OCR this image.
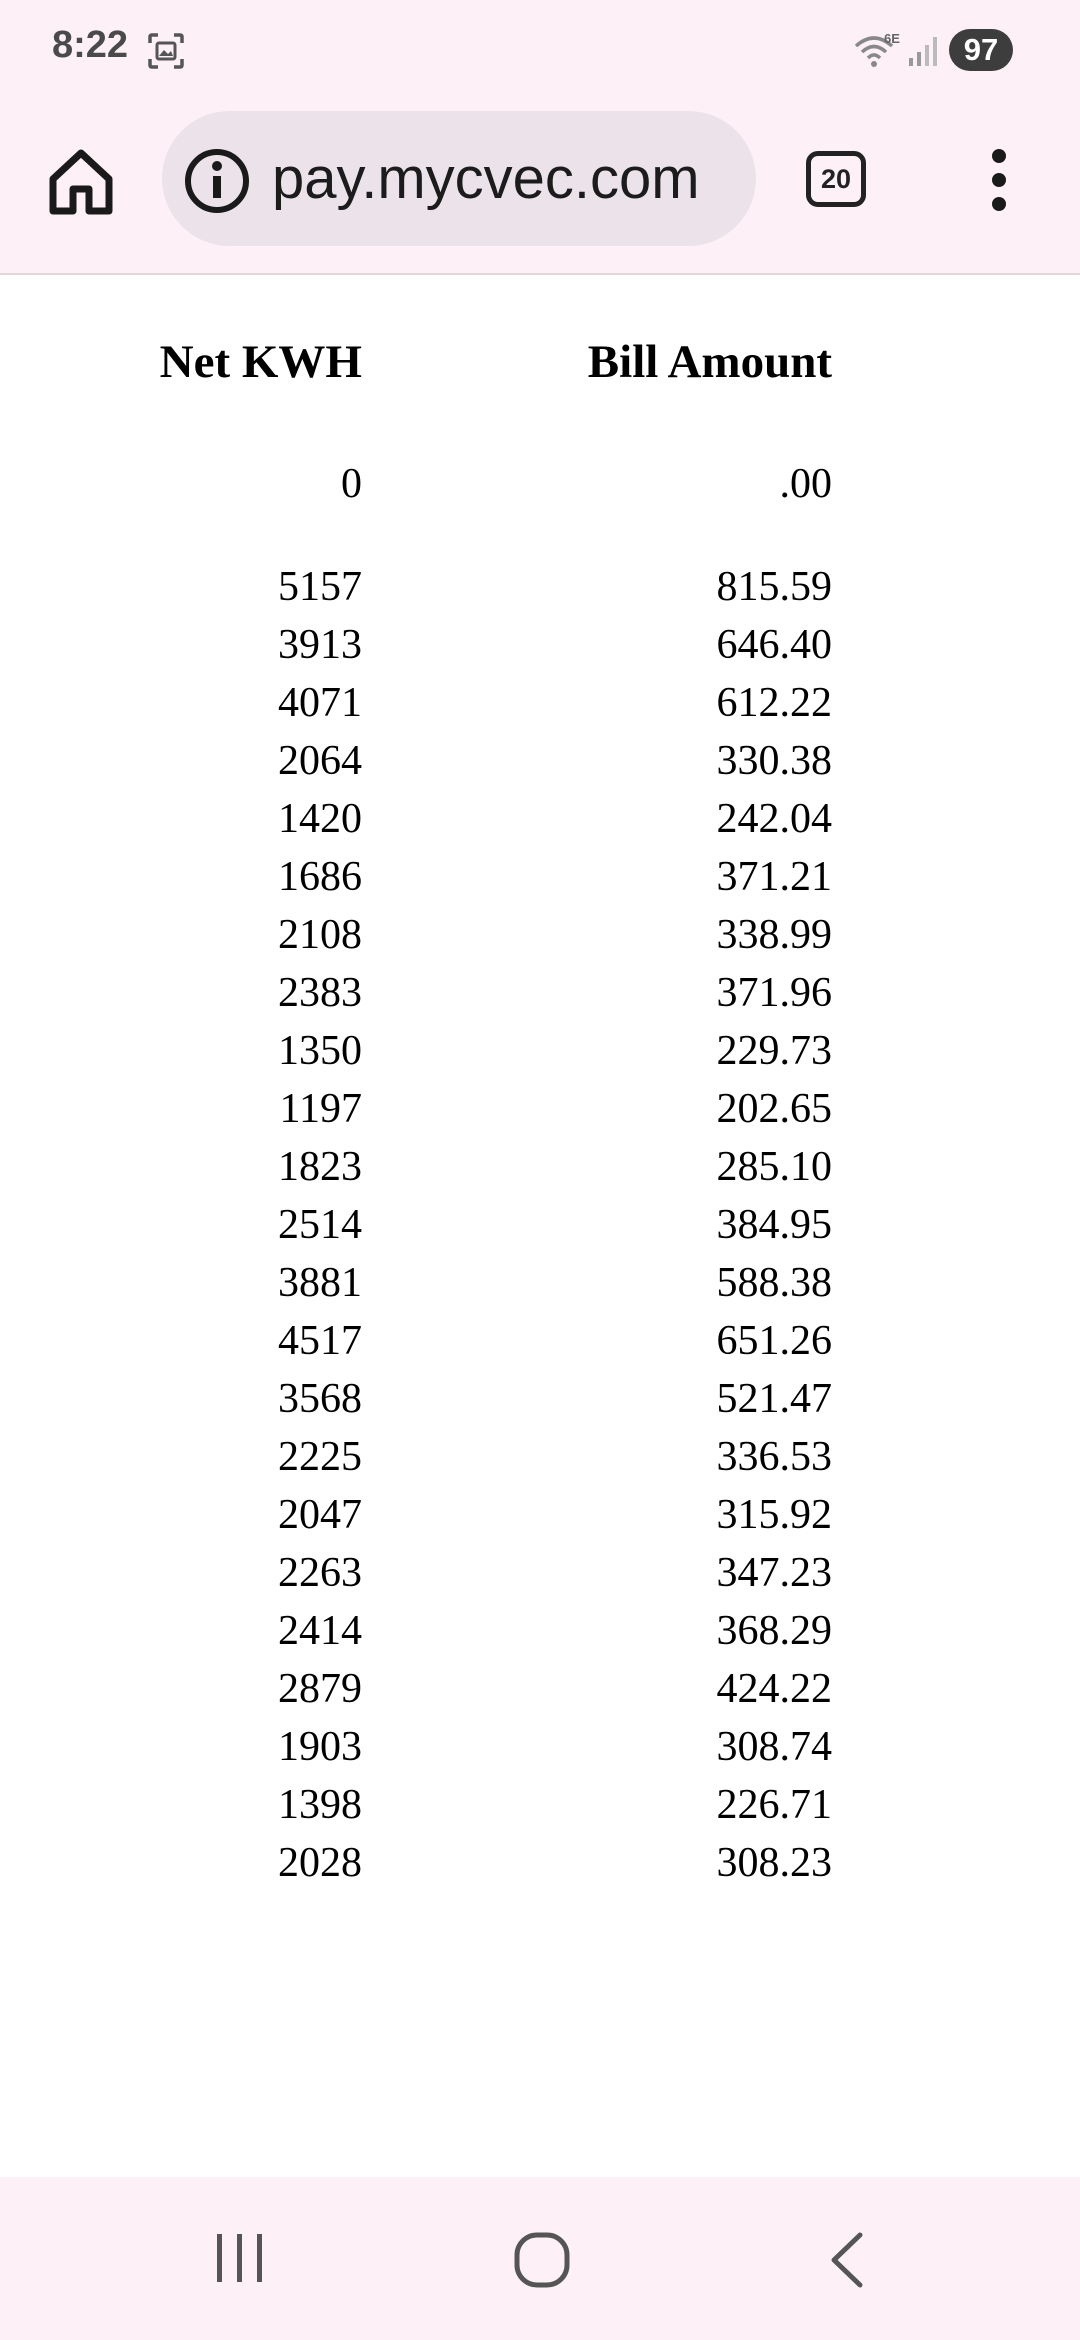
8:22	6E	97
pay.mycvec.com	20
Net KWH	Bill Amount
0	.00
5157	815.59
3913	646.40
4071	612.22
2064	330.38
1420	242.04
1686	371.21
2108	338.99
2383	371.96
1350	229.73
1197	202.65
1823	285.10
2514	384.95
3881	588.38
4517	651.26
3568	521.47
2225	336.53
2047	315.92
2263	347.23
2414	368.29
2879	424.22
1903	308.74
1398	226.71
2028	308.23
